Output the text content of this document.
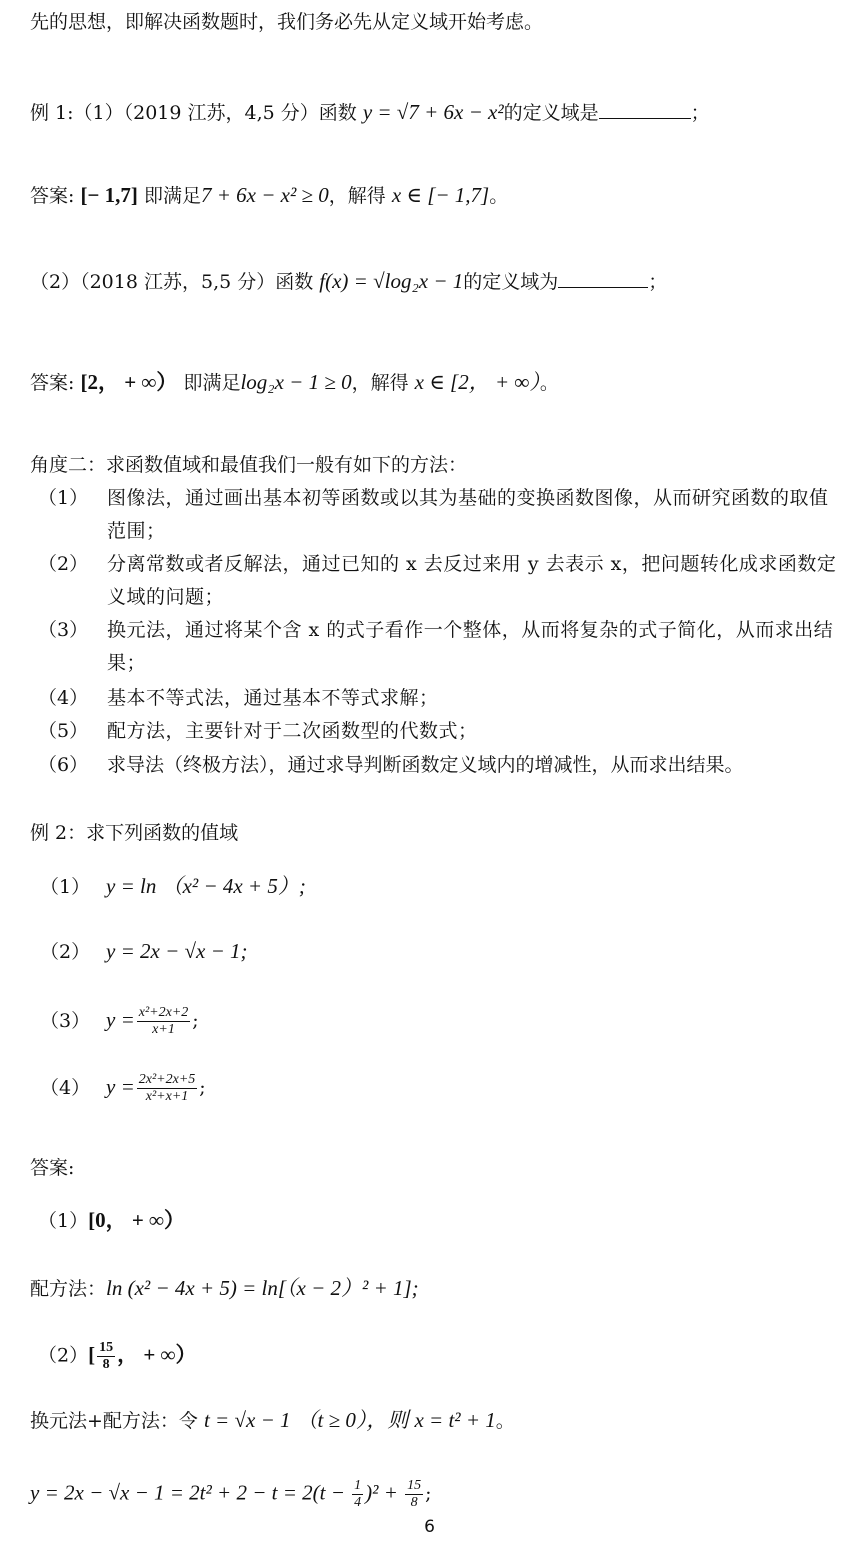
先的思想，即解决函数题时，我们务必先从定义域开始考虑。
例 1:（1）（2019 江苏，4,5 分）函数 y = √7 + 6x − x²的定义域是	；
答案: [− 1,7] 即满足7 + 6x − x² ≥ 0，解得 x ∈ [− 1,7]。
（2）（2018 江苏，5,5 分）函数 f(x) = √log₂x − 1的定义域为	；
答案: [2， + ∞） 即满足log₂x − 1 ≥ 0，解得 x ∈ [2， + ∞）。
角度二：求函数值域和最值我们一般有如下的方法：
（1） 图像法，通过画出基本初等函数或以其为基础的变换函数图像，从而研究函数的取值范围；
（2） 分离常数或者反解法，通过已知的 x 去反过来用 y 去表示 x，把问题转化成求函数定义域的问题；
（3） 换元法，通过将某个含 x 的式子看作一个整体，从而将复杂的式子简化，从而求出结果；
（4） 基本不等式法，通过基本不等式求解；
（5） 配方法，主要针对于二次函数型的代数式；
（6） 求导法（终极方法），通过求导判断函数定义域内的增减性，从而求出结果。
例 2：求下列函数的值域
（1） y = ln （x² − 4x + 5）;
（2） y = 2x − √x − 1;
（3） $y = \frac{\text{x²+2x+2}}{x+1}$ ;
（4） $y = \frac{\text{2x²+2x+5}}{\text{x²+x+1}}$ ;
答案:
（1）[0， + ∞）
配方法：ln (x² − 4x + 5) = ln[（x − 2）² + 1];
$(2)[ \frac{15}{8}$ ， + ∞）
换元法+配方法：令 t = √x − 1 （t ≥ 0），则 x = t² + 1。
$y = 2x - √x - 1 = 2t^2 + 2 - t = 2(t - \frac{1}{4} )^2 + \frac{15}{8}$ ;
6
